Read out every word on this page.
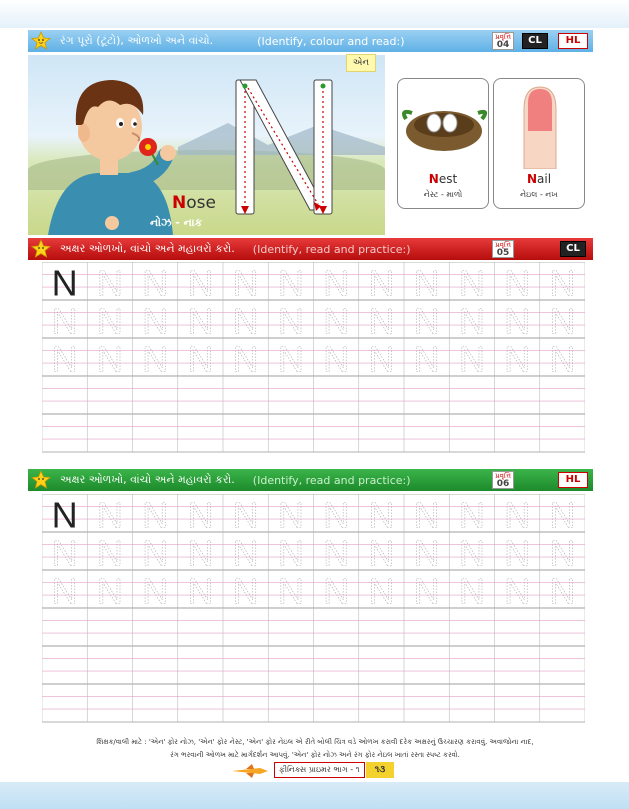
રંગ પૂરો (ટૂંટો), ઓળખો અને વાંચો.	(Identify, colour and read:)	પ્રવૃત્તિ
04	CL	HL
એન
Nose
નોઝ - નાક
Nest
નેસ્ટ - માળો
Nail
નેઇલ - નખ
અક્ષર ઓળખો, વાંચો અને મહાવરો કરો. (Identify, read and practice:)	પ્રવૃત્તિ
05	CL
N N N N N N N N N N N N
N N N N N N N N N N N N
N N N N N N N N N N N N
અક્ષર ઓળખો, વાંચો અને મહાવરો કરો. (Identify, read and practice:)	પ્રવૃત્તિ
06	HL
N N N N N N N N N N N N
N N N N N N N N N N N N
N N N N N N N N N N N N
શિક્ષક/વાલી માટે : 'એન' ફોર નોઝ, 'એન' ફોર નેસ્ટ, 'એન' ફોર નેઇલ એ રીતે બોલી ચિત્ર વડે ઓળખ કરાવી દરેક અક્ષરનું ઉચ્ચારણ કરાવવું. અવાજોના નાદ,
રંગ ભરવાની ઓળખ માટે માર્ગદર્શન આપવું. 'એન' ફોર નોઝ અને રંગ ફોર નેઇલ ખાતાં રસ્તા સ્પષ્ટ કરવો.
ફીનિક્સ પ્રાઇમર ભાગ - ૧	૧૩
